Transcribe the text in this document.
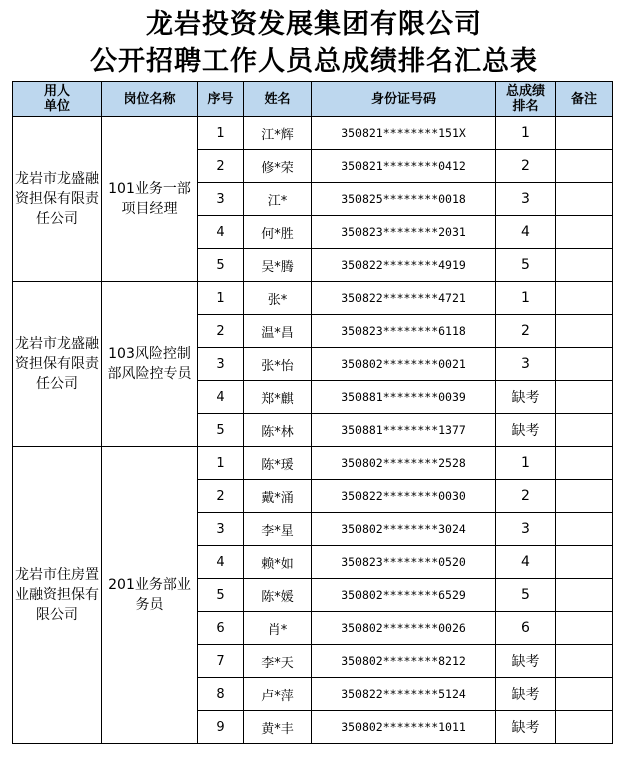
龙岩投资发展集团有限公司
公开招聘工作人员总成绩排名汇总表
用人单位	岗位名称	序号	姓名	身份证号码	总成绩排名	备注
龙岩市龙盛融资担保有限责任公司	101业务一部项目经理	1	江*辉	350821********151X	1	
		2	修*荣	350821********0412	2	
		3	江*	350825********0018	3	
		4	何*胜	350823********2031	4	
		5	吴*腾	350822********4919	5	
龙岩市龙盛融资担保有限责任公司	103风险控制部风险控专员	1	张*	350822********4721	1	
		2	温*昌	350823********6118	2	
		3	张*怡	350802********0021	3	
		4	郑*麒	350881********0039	缺考	
		5	陈*林	350881********1377	缺考	
龙岩市住房置业融资担保有限公司	201业务部业务员	1	陈*瑗	350802********2528	1	
		2	戴*涌	350822********0030	2	
		3	李*星	350802********3024	3	
		4	赖*如	350823********0520	4	
		5	陈*媛	350802********6529	5	
		6	肖*	350802********0026	6	
		7	李*天	350802********8212	缺考	
		8	卢*萍	350822********5124	缺考	
		9	黄*丰	350802********1011	缺考	
